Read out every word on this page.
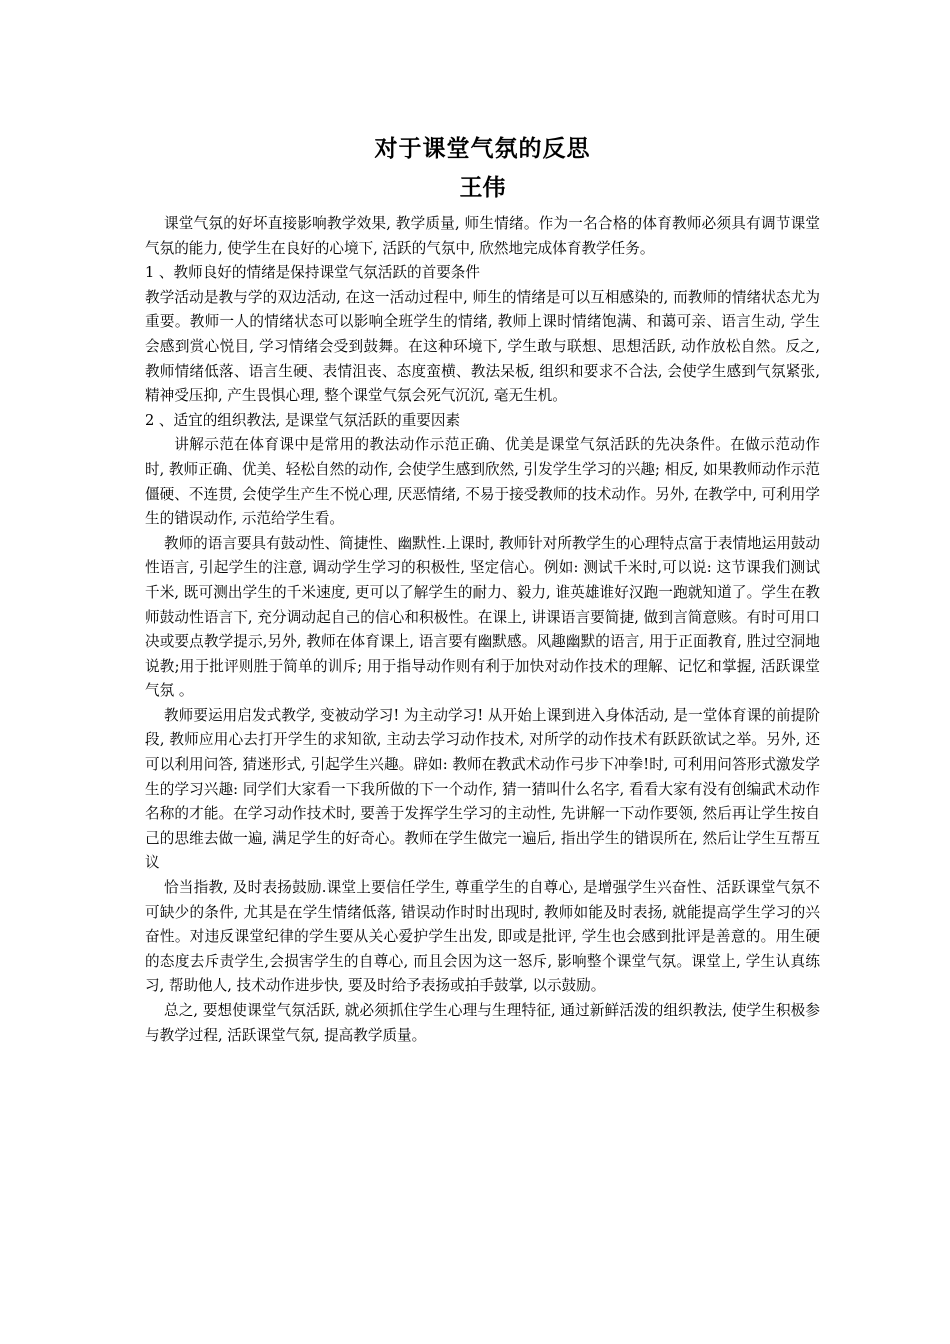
对于课堂气氛的反思
王伟

课堂气氛的好坏直接影响教学效果, 教学质量, 师生情绪。作为一名合格的体育教师必须具有调节课堂气氛的能力, 使学生在良好的心境下, 活跃的气氛中, 欣然地完成体育教学任务。

1 、教师良好的情绪是保持课堂气氛活跃的首要条件

教学活动是教与学的双边活动, 在这一活动过程中, 师生的情绪是可以互相感染的, 而教师的情绪状态尤为重要。教师一人的情绪状态可以影响全班学生的情绪, 教师上课时情绪饱满、和蔼可亲、语言生动, 学生会感到赏心悦目, 学习情绪会受到鼓舞。在这种环境下, 学生敢与联想、思想活跃, 动作放松自然。反之, 教师情绪低落、语言生硬、表情沮丧、态度蛮横、教法呆板, 组织和要求不合法, 会使学生感到气氛紧张, 精神受压抑, 产生畏惧心理, 整个课堂气氛会死气沉沉, 毫无生机。

2 、适宜的组织教法, 是课堂气氛活跃的重要因素

讲解示范在体育课中是常用的教法动作示范正确、优美是课堂气氛活跃的先决条件。在做示范动作时, 教师正确、优美、轻松自然的动作, 会使学生感到欣然, 引发学生学习的兴趣; 相反, 如果教师动作示范僵硬、不连贯, 会使学生产生不悦心理, 厌恶情绪, 不易于接受教师的技术动作。另外, 在教学中, 可利用学生的错误动作, 示范给学生看。

教师的语言要具有鼓动性、简捷性、幽默性.上课时, 教师针对所教学生的心理特点富于表情地运用鼓动性语言, 引起学生的注意, 调动学生学习的积极性, 坚定信心。例如: 测试千米时,可以说: 这节课我们测试千米, 既可测出学生的千米速度, 更可以了解学生的耐力、毅力, 谁英雄谁好汉跑一跑就知道了。学生在教师鼓动性语言下, 充分调动起自己的信心和积极性。在课上, 讲课语言要简捷, 做到言简意赅。有时可用口决或要点教学提示,另外, 教师在体育课上, 语言要有幽默感。风趣幽默的语言, 用于正面教育, 胜过空洞地说教;用于批评则胜于简单的训斥; 用于指导动作则有利于加快对动作技术的理解、记忆和掌握, 活跃课堂气氛 。

教师要运用启发式教学, 变被动学习! 为主动学习! 从开始上课到进入身体活动, 是一堂体育课的前提阶段, 教师应用心去打开学生的求知欲, 主动去学习动作技术, 对所学的动作技术有跃跃欲试之举。另外, 还可以利用问答, 猜迷形式, 引起学生兴趣。辟如: 教师在教武术动作弓步下冲拳!时, 可利用问答形式激发学生的学习兴趣: 同学们大家看一下我所做的下一个动作, 猜一猜叫什么名字, 看看大家有没有创编武术动作名称的才能。在学习动作技术时, 要善于发挥学生学习的主动性, 先讲解一下动作要领, 然后再让学生按自己的思维去做一遍, 满足学生的好奇心。教师在学生做完一遍后, 指出学生的错误所在, 然后让学生互帮互议

恰当指教, 及时表扬鼓励.课堂上要信任学生, 尊重学生的自尊心, 是增强学生兴奋性、活跃课堂气氛不可缺少的条件, 尤其是在学生情绪低落, 错误动作时时出现时, 教师如能及时表扬, 就能提高学生学习的兴奋性。对违反课堂纪律的学生要从关心爱护学生出发, 即或是批评, 学生也会感到批评是善意的。用生硬的态度去斥责学生,会损害学生的自尊心, 而且会因为这一怒斥, 影响整个课堂气氛。课堂上, 学生认真练习, 帮助他人, 技术动作进步快, 要及时给予表扬或拍手鼓掌, 以示鼓励。

总之, 要想使课堂气氛活跃, 就必须抓住学生心理与生理特征, 通过新鲜活泼的组织教法, 使学生积极参与教学过程, 活跃课堂气氛, 提高教学质量。
